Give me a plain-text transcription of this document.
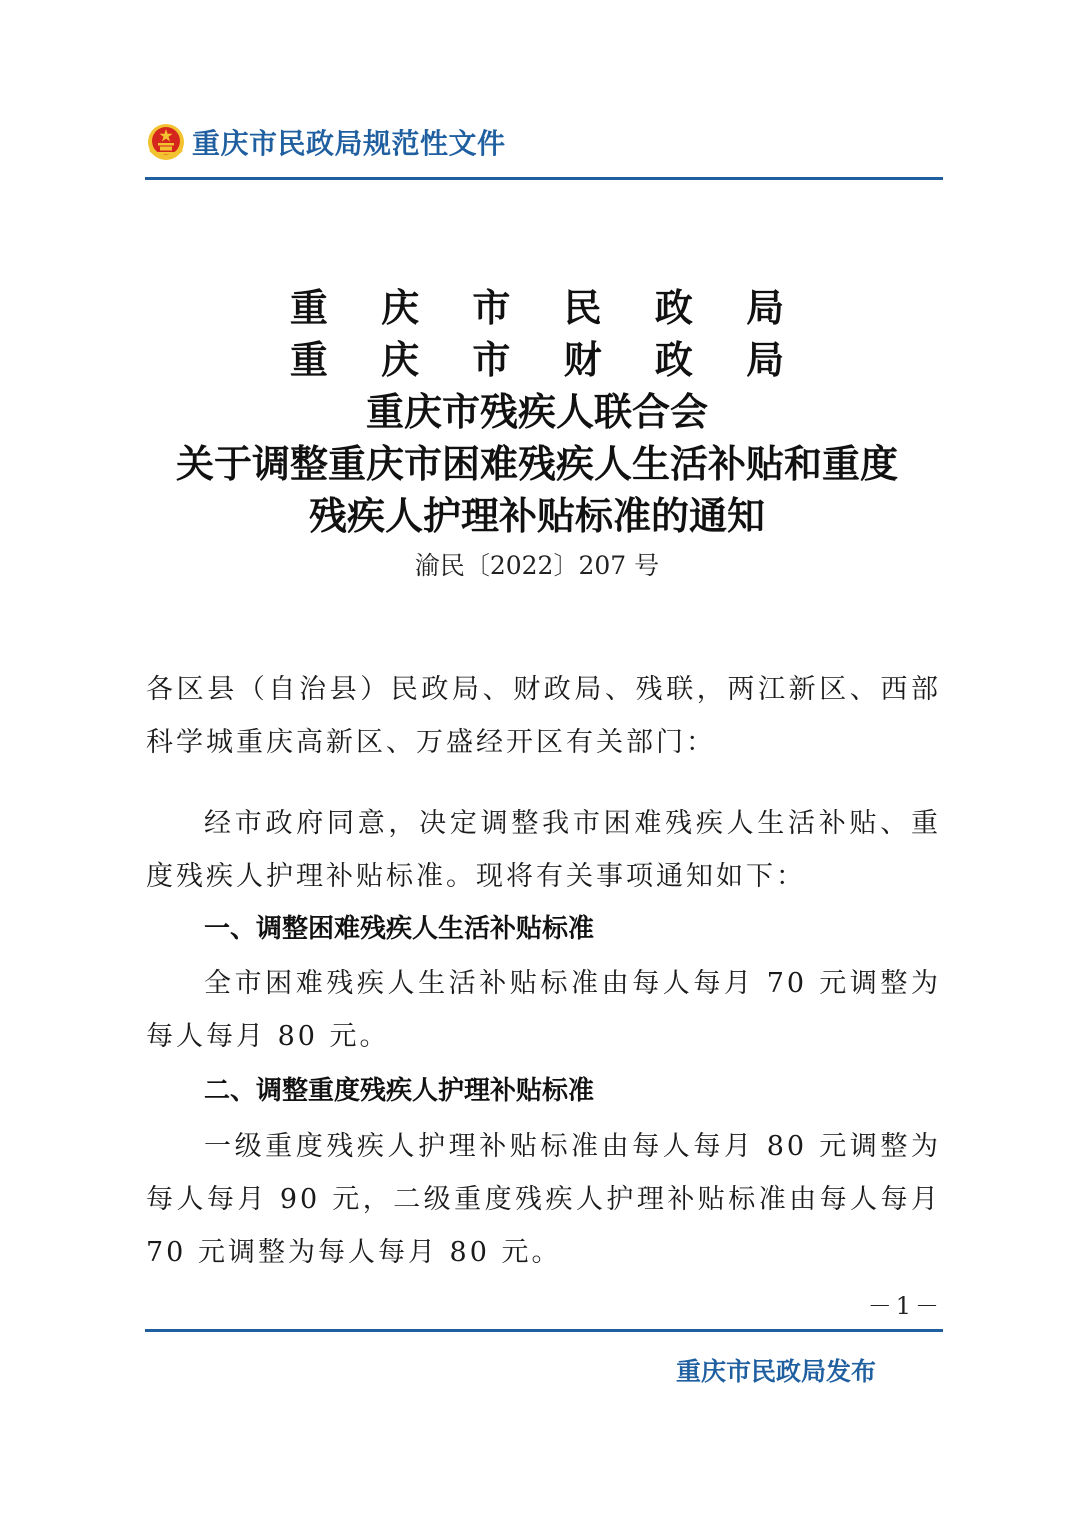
重庆市民政局规范性文件
重 庆 市 民 政 局
重 庆 市 财 政 局
重庆市残疾人联合会
关于调整重庆市困难残疾人生活补贴和重度
残疾人护理补贴标准的通知
渝民〔2022〕207 号
各区县（自治县）民政局、财政局、残联，两江新区、西部科学城重庆高新区、万盛经开区有关部门：
经市政府同意，决定调整我市困难残疾人生活补贴、重度残疾人护理补贴标准。现将有关事项通知如下：
一、调整困难残疾人生活补贴标准
全市困难残疾人生活补贴标准由每人每月 70 元调整为每人每月 80 元。
二、调整重度残疾人护理补贴标准
一级重度残疾人护理补贴标准由每人每月 80 元调整为每人每月 90 元，二级重度残疾人护理补贴标准由每人每月 70 元调整为每人每月 80 元。
－1－
重庆市民政局发布
